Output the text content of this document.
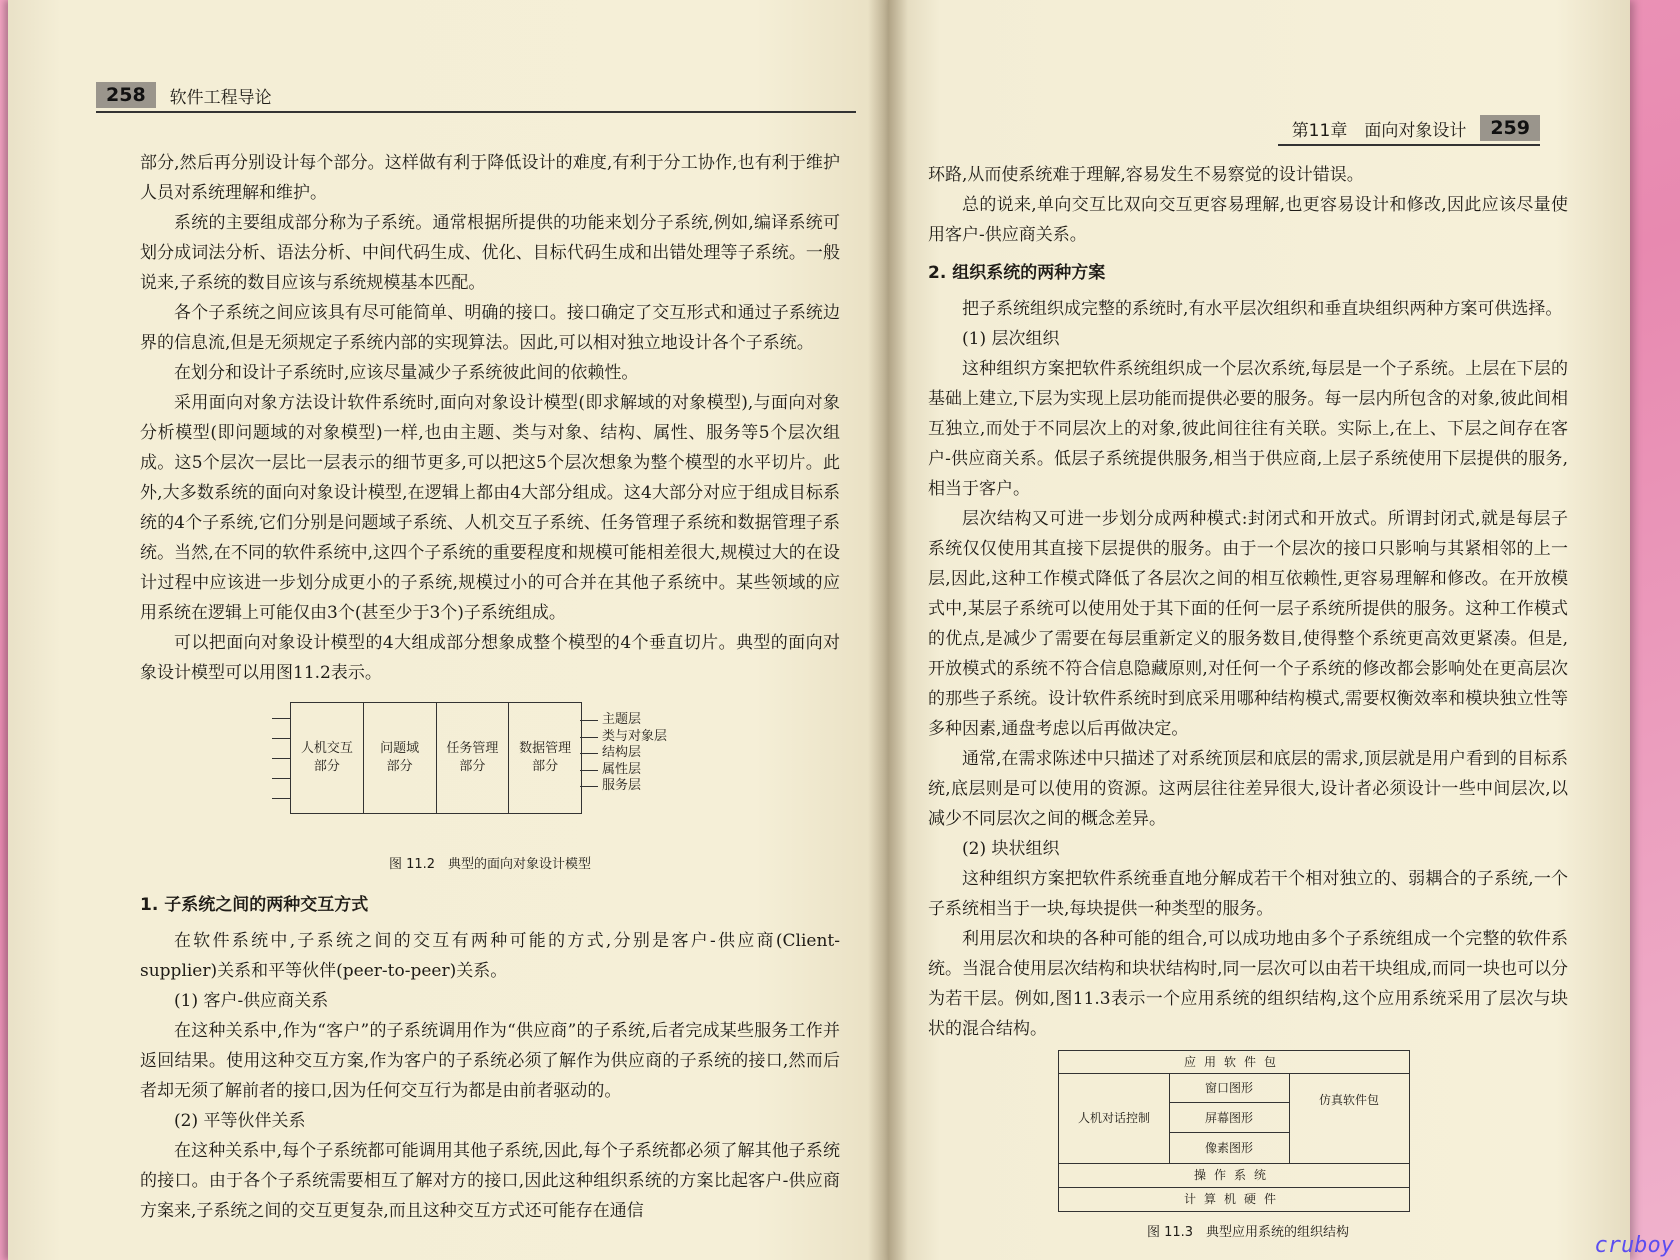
258	软件工程导论

部分,然后再分别设计每个部分。这样做有利于降低设计的难度,有利于分工协作,也有利于维护人员对系统理解和维护。

系统的主要组成部分称为子系统。通常根据所提供的功能来划分子系统,例如,编译系统可划分成词法分析、语法分析、中间代码生成、优化、目标代码生成和出错处理等子系统。一般说来,子系统的数目应该与系统规模基本匹配。

各个子系统之间应该具有尽可能简单、明确的接口。接口确定了交互形式和通过子系统边界的信息流,但是无须规定子系统内部的实现算法。因此,可以相对独立地设计各个子系统。

在划分和设计子系统时,应该尽量减少子系统彼此间的依赖性。

采用面向对象方法设计软件系统时,面向对象设计模型(即求解域的对象模型),与面向对象分析模型(即问题域的对象模型)一样,也由主题、类与对象、结构、属性、服务等5个层次组成。这5个层次一层比一层表示的细节更多,可以把这5个层次想象为整个模型的水平切片。此外,大多数系统的面向对象设计模型,在逻辑上都由4大部分组成。这4大部分对应于组成目标系统的4个子系统,它们分别是问题域子系统、人机交互子系统、任务管理子系统和数据管理子系统。当然,在不同的软件系统中,这四个子系统的重要程度和规模可能相差很大,规模过大的在设计过程中应该进一步划分成更小的子系统,规模过小的可合并在其他子系统中。某些领域的应用系统在逻辑上可能仅由3个(甚至少于3个)子系统组成。

可以把面向对象设计模型的4大组成部分想象成整个模型的4个垂直切片。典型的面向对象设计模型可以用图11.2表示。

人机交互
部分
问题域
部分
任务管理
部分
数据管理
部分
主题层
类与对象层
结构层
属性层
服务层
图 11.2　典型的面向对象设计模型
1. 子系统之间的两种交互方式

在软件系统中,子系统之间的交互有两种可能的方式,分别是客户-供应商(Client-supplier)关系和平等伙伴(peer-to-peer)关系。

(1) 客户-供应商关系

在这种关系中,作为“客户”的子系统调用作为“供应商”的子系统,后者完成某些服务工作并返回结果。使用这种交互方案,作为客户的子系统必须了解作为供应商的子系统的接口,然而后者却无须了解前者的接口,因为任何交互行为都是由前者驱动的。

(2) 平等伙伴关系

在这种关系中,每个子系统都可能调用其他子系统,因此,每个子系统都必须了解其他子系统的接口。由于各个子系统需要相互了解对方的接口,因此这种组织系统的方案比起客户-供应商方案来,子系统之间的交互更复杂,而且这种交互方式还可能存在通信

第11章　面向对象设计	259

环路,从而使系统难于理解,容易发生不易察觉的设计错误。

总的说来,单向交互比双向交互更容易理解,也更容易设计和修改,因此应该尽量使用客户-供应商关系。

2. 组织系统的两种方案

把子系统组织成完整的系统时,有水平层次组织和垂直块组织两种方案可供选择。

(1) 层次组织

这种组织方案把软件系统组织成一个层次系统,每层是一个子系统。上层在下层的基础上建立,下层为实现上层功能而提供必要的服务。每一层内所包含的对象,彼此间相互独立,而处于不同层次上的对象,彼此间往往有关联。实际上,在上、下层之间存在客户-供应商关系。低层子系统提供服务,相当于供应商,上层子系统使用下层提供的服务,相当于客户。

层次结构又可进一步划分成两种模式:封闭式和开放式。所谓封闭式,就是每层子系统仅仅使用其直接下层提供的服务。由于一个层次的接口只影响与其紧相邻的上一层,因此,这种工作模式降低了各层次之间的相互依赖性,更容易理解和修改。在开放模式中,某层子系统可以使用处于其下面的任何一层子系统所提供的服务。这种工作模式的优点,是减少了需要在每层重新定义的服务数目,使得整个系统更高效更紧凑。但是,开放模式的系统不符合信息隐藏原则,对任何一个子系统的修改都会影响处在更高层次的那些子系统。设计软件系统时到底采用哪种结构模式,需要权衡效率和模块独立性等多种因素,通盘考虑以后再做决定。

通常,在需求陈述中只描述了对系统顶层和底层的需求,顶层就是用户看到的目标系统,底层则是可以使用的资源。这两层往往差异很大,设计者必须设计一些中间层次,以减少不同层次之间的概念差异。

(2) 块状组织

这种组织方案把软件系统垂直地分解成若干个相对独立的、弱耦合的子系统,一个子系统相当于一块,每块提供一种类型的服务。

利用层次和块的各种可能的组合,可以成功地由多个子系统组成一个完整的软件系统。当混合使用层次结构和块状结构时,同一层次可以由若干块组成,而同一块也可以分为若干层。例如,图11.3表示一个应用系统的组织结构,这个应用系统采用了层次与块状的混合结构。

应用软件包
人机对话控制
窗口图形
屏幕图形
像素图形
仿真软件包
操作系统
计算机硬件
图 11.3　典型应用系统的组织结构
cruboy
